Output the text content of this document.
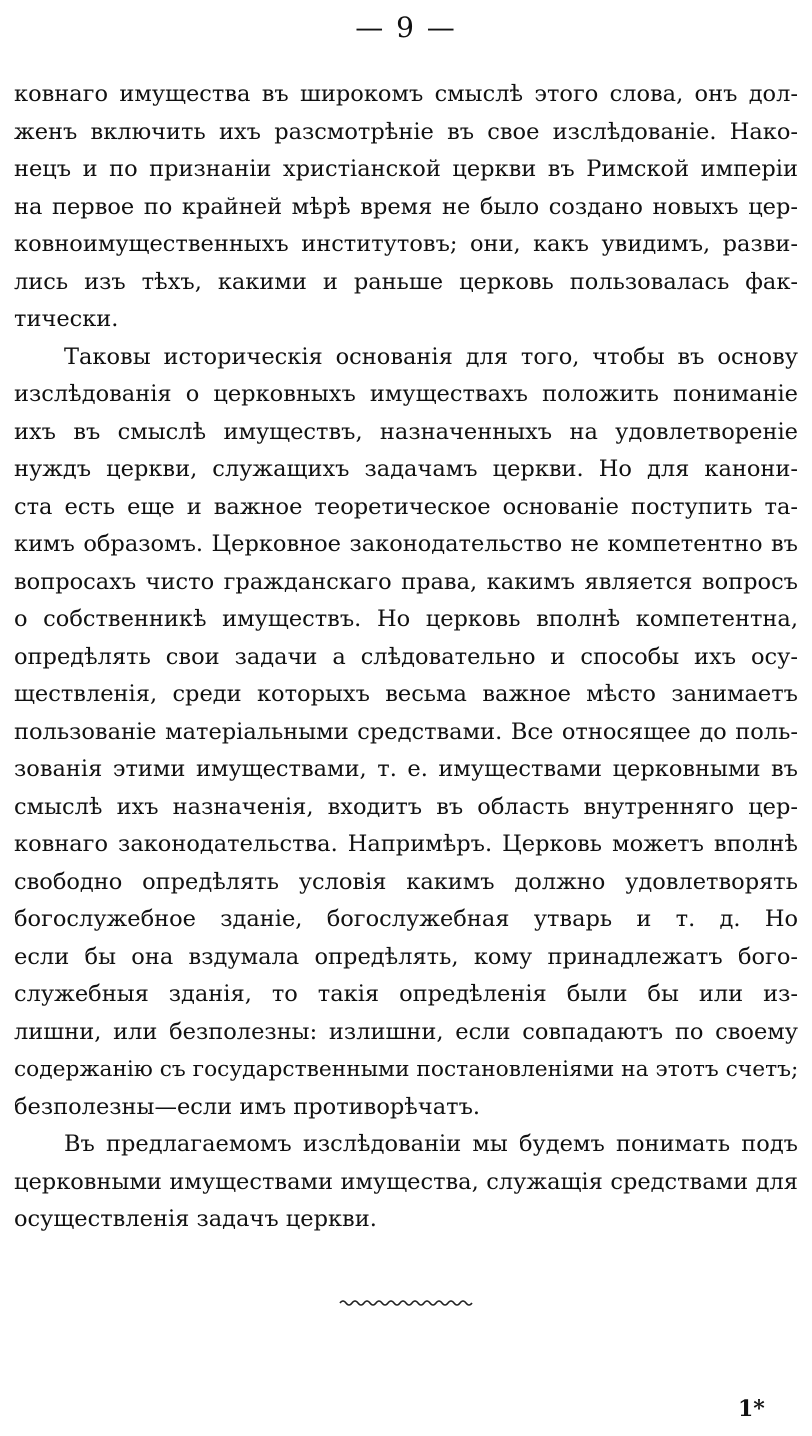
— 9 —
ковнаго имущества въ широкомъ смыслѣ этого слова, онъ дол-
женъ включить ихъ разсмотрѣніе въ свое изслѣдованіе. Нако-
нецъ и по признаніи христіанской церкви въ Римской имперіи
на первое по крайней мѣрѣ время не было создано новыхъ цер-
ковноимущественныхъ институтовъ; они, какъ увидимъ, разви-
лись изъ тѣхъ, какими и раньше церковь пользовалась фак-
тически.
Таковы историческія основанія для того, чтобы въ основу
изслѣдованія о церковныхъ имуществахъ положить пониманіе
ихъ въ смыслѣ имуществъ, назначенныхъ на удовлетвореніе
нуждъ церкви, служащихъ задачамъ церкви. Но для канони-
ста есть еще и важное теоретическое основаніе поступить та-
кимъ образомъ. Церковное законодательство не компетентно въ
вопросахъ чисто гражданскаго права, какимъ является вопросъ
о собственникѣ имуществъ. Но церковь вполнѣ компетентна,
опредѣлять свои задачи а слѣдовательно и способы ихъ осу-
ществленія, среди которыхъ весьма важное мѣсто занимаетъ
пользованіе матеріальными средствами. Все относящее до поль-
зованія этими имуществами, т. е. имуществами церковными въ
смыслѣ ихъ назначенія, входитъ въ область внутренняго цер-
ковнаго законодательства. Напримѣръ. Церковь можетъ вполнѣ
свободно опредѣлять условія какимъ должно удовлетворять
богослужебное зданіе, богослужебная утварь и т. д. Но
если бы она вздумала опредѣлять, кому принадлежатъ бого-
служебныя зданія, то такія опредѣленія были бы или из-
лишни, или безполезны: излишни, если совпадаютъ по своему
содержанію съ государственными постановленіями на этотъ счетъ;
безполезны—если имъ противорѣчатъ.
Въ предлагаемомъ изслѣдованіи мы будемъ понимать подъ
церковными имуществами имущества, служащія средствами для
осуществленія задачъ церкви.
1*
